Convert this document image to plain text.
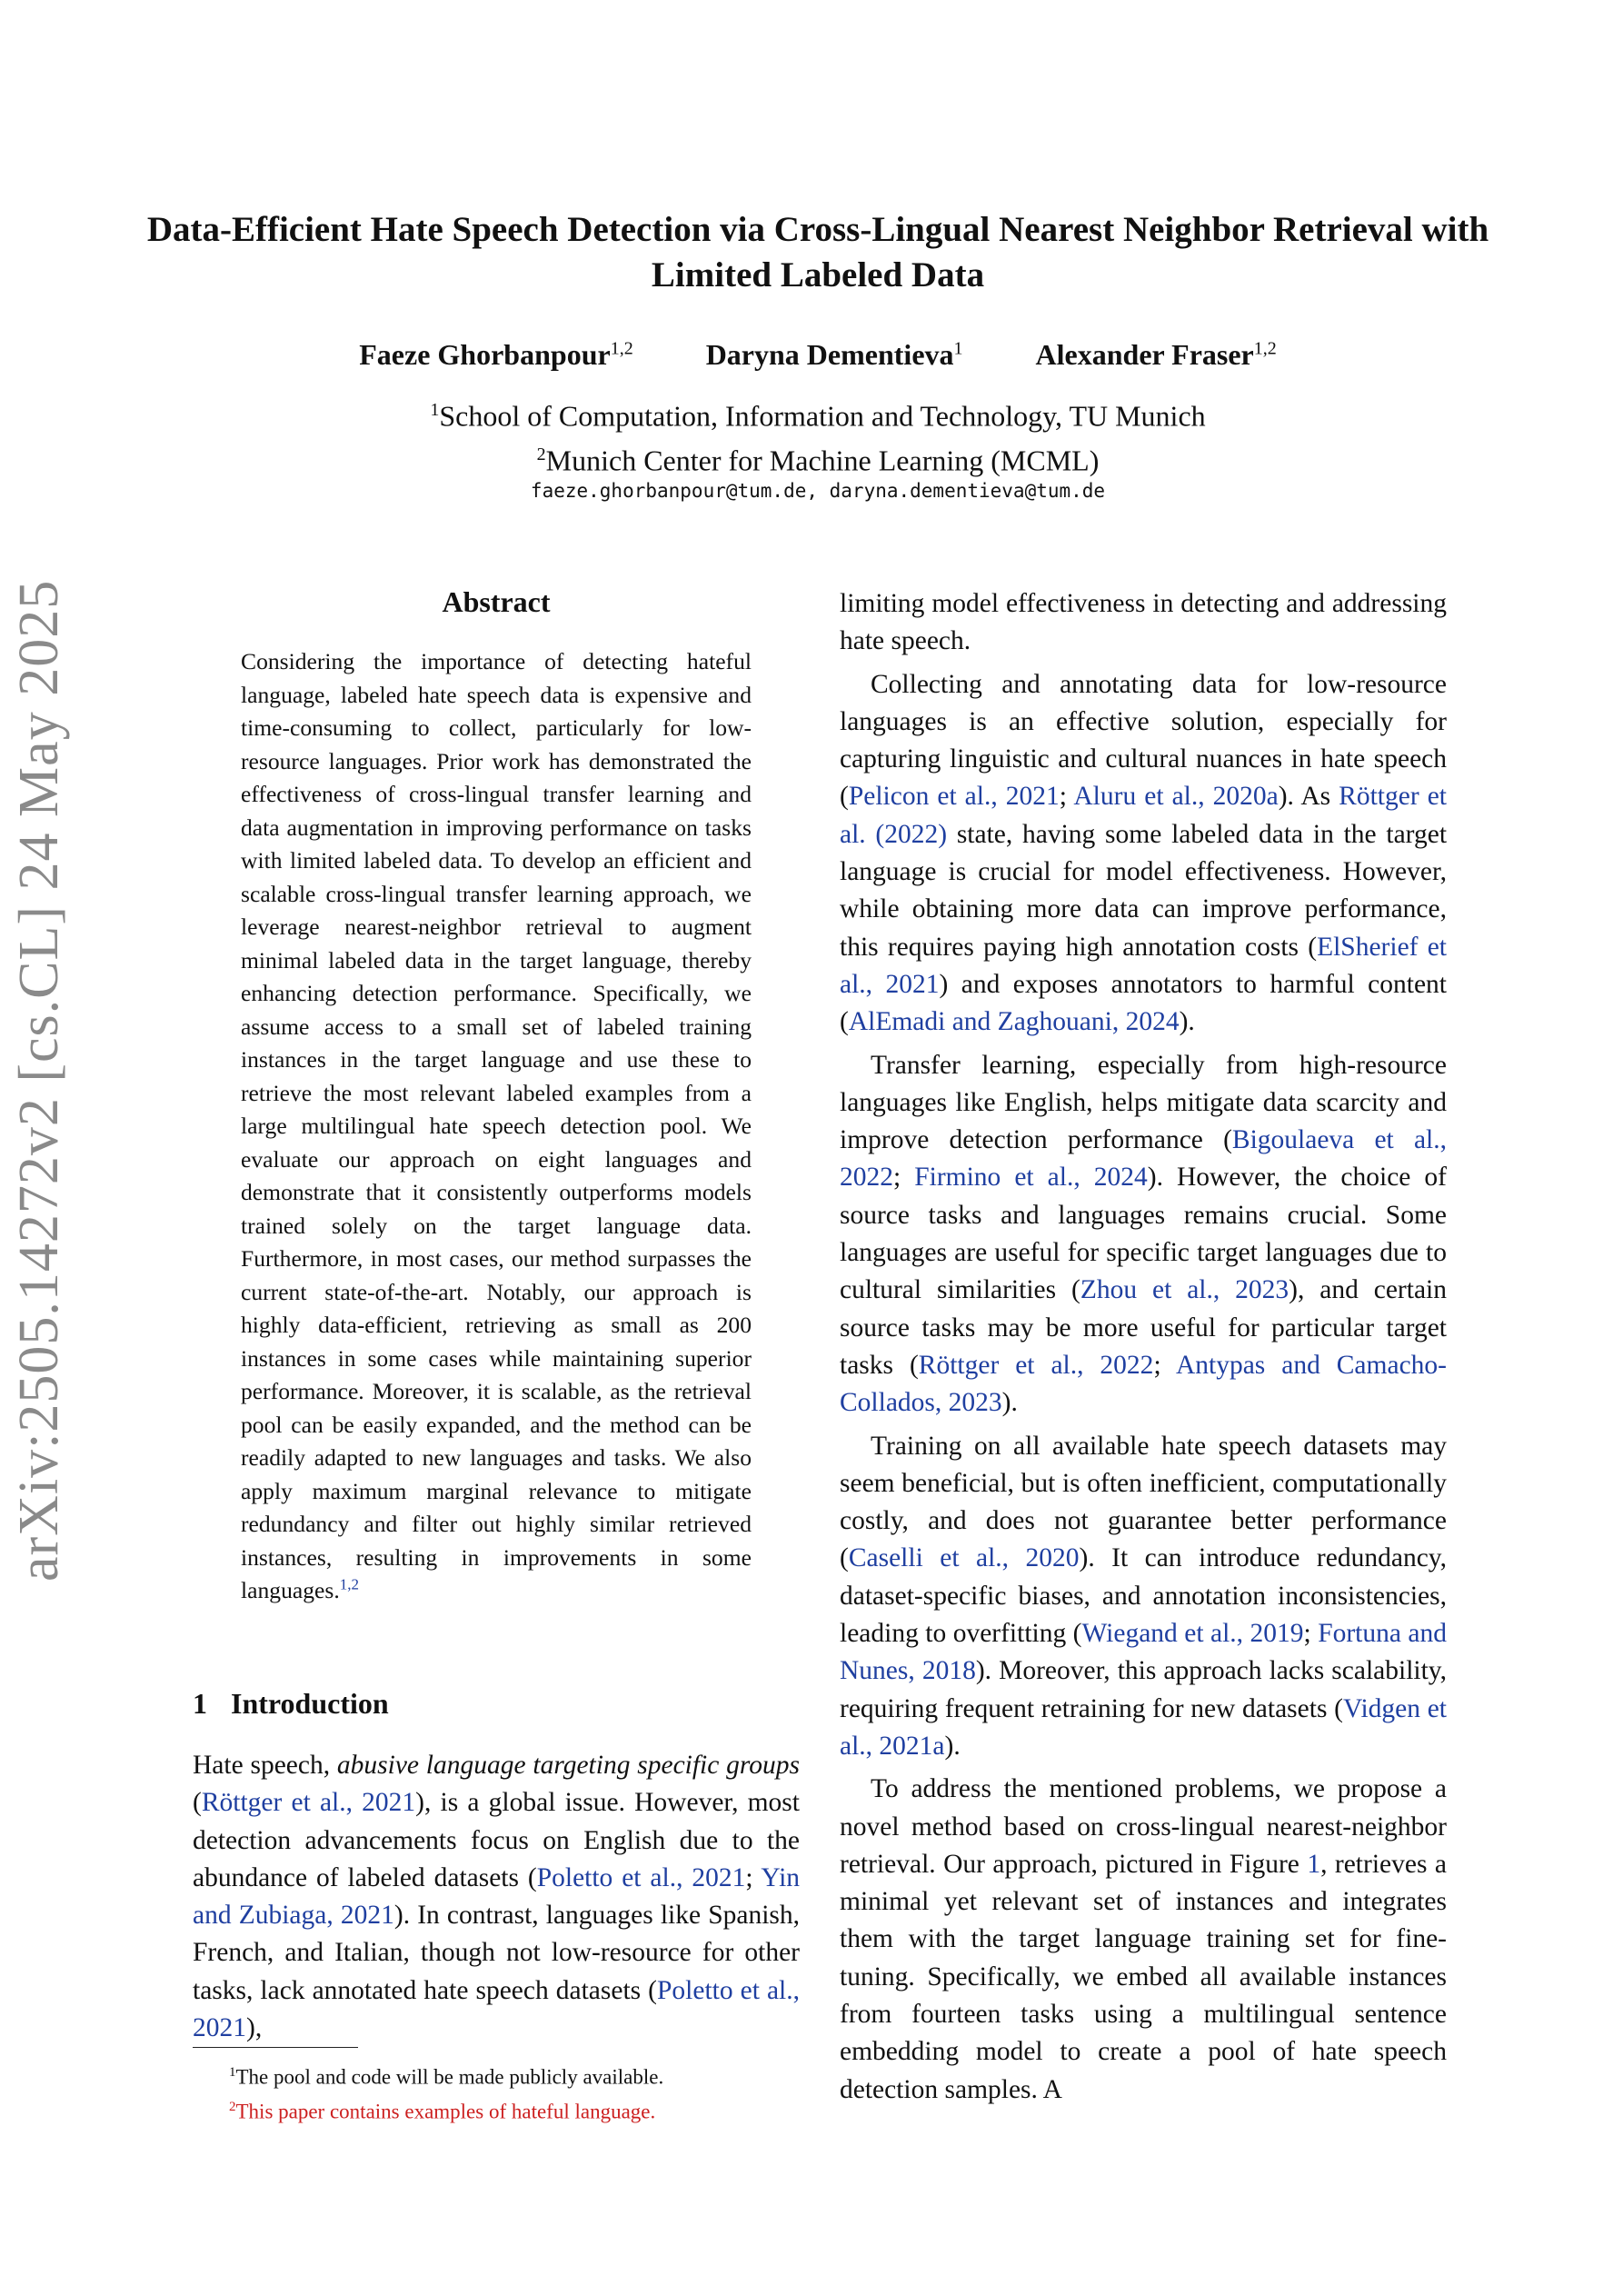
arXiv:2505.14272v2 [cs.CL] 24 May 2025
Data-Efficient Hate Speech Detection via Cross-Lingual Nearest Neighbor Retrieval with Limited Labeled Data
Faeze Ghorbanpour$^{1,2}$	Daryna Dementieva$^1$	Alexander Fraser$^{1,2}$
$^1$School of Computation, Information and Technology, TU Munich
$^2$Munich Center for Machine Learning (MCML)
faeze.ghorbanpour@tum.de, daryna.dementieva@tum.de
Abstract
Considering the importance of detecting hateful language, labeled hate speech data is expensive and time-consuming to collect, particularly for low-resource languages. Prior work has demonstrated the effectiveness of cross-lingual transfer learning and data augmentation in improving performance on tasks with limited labeled data. To develop an efficient and scalable cross-lingual transfer learning approach, we leverage nearest-neighbor retrieval to augment minimal labeled data in the target language, thereby enhancing detection performance. Specifically, we assume access to a small set of labeled training instances in the target language and use these to retrieve the most relevant labeled examples from a large multilingual hate speech detection pool. We evaluate our approach on eight languages and demonstrate that it consistently outperforms models trained solely on the target language data. Furthermore, in most cases, our method surpasses the current state-of-the-art. Notably, our approach is highly data-efficient, retrieving as small as 200 instances in some cases while maintaining superior performance. Moreover, it is scalable, as the retrieval pool can be easily expanded, and the method can be readily adapted to new languages and tasks. We also apply maximum marginal relevance to mitigate redundancy and filter out highly similar retrieved instances, resulting in improvements in some languages.$^{1,2}$
1 Introduction
Hate speech, abusive language targeting specific groups (Röttger et al., 2021), is a global issue. However, most detection advancements focus on English due to the abundance of labeled datasets (Poletto et al., 2021; Yin and Zubiaga, 2021). In contrast, languages like Spanish, French, and Italian, though not low-resource for other tasks, lack annotated hate speech datasets (Poletto et al., 2021),

$^1$The pool and code will be made publicly available.

$^2$This paper contains examples of hateful language.

limiting model effectiveness in detecting and addressing hate speech.

Collecting and annotating data for low-resource languages is an effective solution, especially for capturing linguistic and cultural nuances in hate speech (Pelicon et al., 2021; Aluru et al., 2020a). As Röttger et al. (2022) state, having some labeled data in the target language is crucial for model effectiveness. However, while obtaining more data can improve performance, this requires paying high annotation costs (ElSherief et al., 2021) and exposes annotators to harmful content (AlEmadi and Zaghouani, 2024).

Transfer learning, especially from high-resource languages like English, helps mitigate data scarcity and improve detection performance (Bigoulaeva et al., 2022; Firmino et al., 2024). However, the choice of source tasks and languages remains crucial. Some languages are useful for specific target languages due to cultural similarities (Zhou et al., 2023), and certain source tasks may be more useful for particular target tasks (Röttger et al., 2022; Antypas and Camacho-Collados, 2023).

Training on all available hate speech datasets may seem beneficial, but is often inefficient, computationally costly, and does not guarantee better performance (Caselli et al., 2020). It can introduce redundancy, dataset-specific biases, and annotation inconsistencies, leading to overfitting (Wiegand et al., 2019; Fortuna and Nunes, 2018). Moreover, this approach lacks scalability, requiring frequent retraining for new datasets (Vidgen et al., 2021a).

To address the mentioned problems, we propose a novel method based on cross-lingual nearest-neighbor retrieval. Our approach, pictured in Figure 1, retrieves a minimal yet relevant set of instances and integrates them with the target language training set for fine-tuning. Specifically, we embed all available instances from fourteen tasks using a multilingual sentence embedding model to create a pool of hate speech detection samples. A
